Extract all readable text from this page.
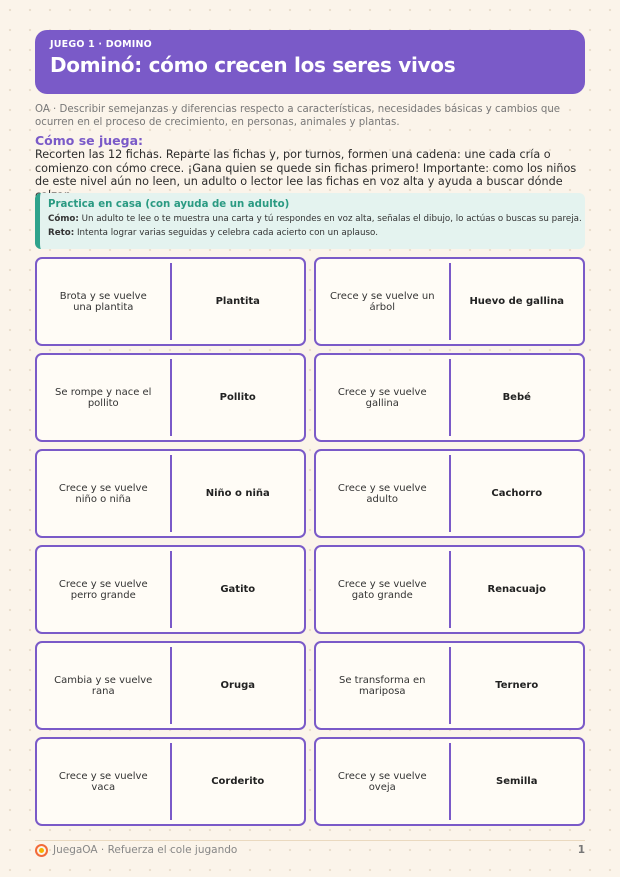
JUEGO 1 · DOMINO
Dominó: cómo crecen los seres vivos
OA · Describir semejanzas y diferencias respecto a características, necesidades básicas y cambios que ocurren en el proceso de crecimiento, en personas, animales y plantas.
Cómo se juega:
Recorten las 12 fichas. Reparte las fichas y, por turnos, formen una cadena: une cada cría o comienzo con cómo crece. ¡Gana quien se quede sin fichas primero! Importante: como los niños de este nivel aún no leen, un adulto o lector lee las fichas en voz alta y ayuda a buscar dónde
Practica en casa (con ayuda de un adulto)
Cómo: Un adulto te lee o te muestra una carta y tú respondes en voz alta, señalas el dibujo, lo actúas o buscas su pareja.
Reto: Intenta lograr varias seguidas y celebra cada acierto con un aplauso.
Brota y se vuelve una plantita	Plantita	Crece y se vuelve un árbol	Huevo de gallina
Se rompe y nace el pollito	Pollito	Crece y se vuelve gallina	Bebé
Crece y se vuelve niño o niña	Niño o niña	Crece y se vuelve adulto	Cachorro
Crece y se vuelve perro grande	Gatito	Crece y se vuelve gato grande	Renacuajo
Cambia y se vuelve rana	Oruga	Se transforma en mariposa	Ternero
Crece y se vuelve vaca	Corderito	Crece y se vuelve oveja	Semilla
JuegaOA · Refuerza el cole jugando	1
